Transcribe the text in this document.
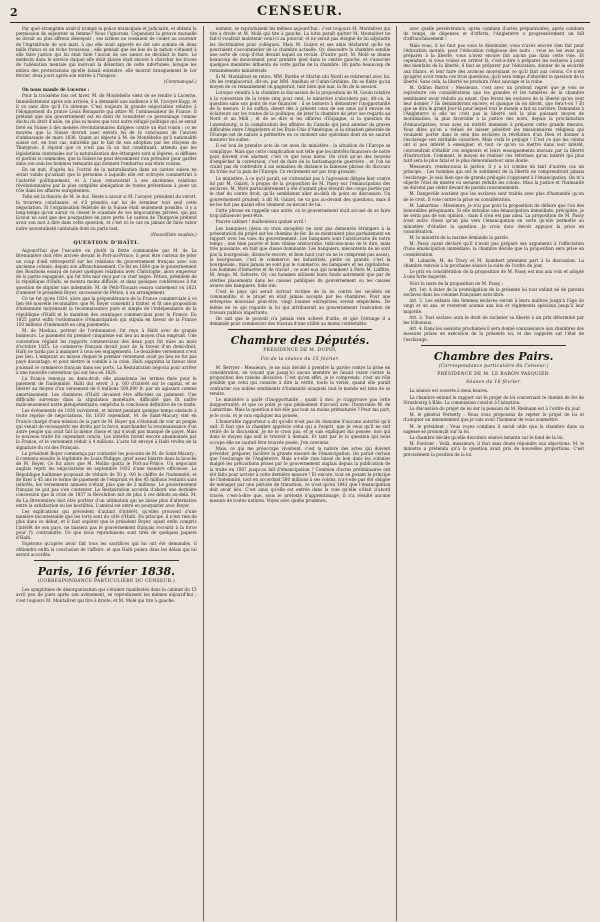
2	CENSEUR.

Par quel étrangème avait-il trompé la police municipale et judiciaire, et obtenu la permission de séjourner sa femme? Nous l'ignorons. Cependant la preuve mutuelle se livrait au plus affreux désespoir ; ses larmes ne cessaient de couler au souvenir de l'ingratitude de son mari, à qui elle avait apporté en dot une somme de deux mille francs et un riche trousseau ; elle pensait que les lois de la nation s'étaient à elle faire justice qui lui était faite l'aucun de ses sœurs ne décidait le faire. Le médecin dans le service duquel elle était placée était encore à chercher les traces de l'aliénation mentale qui motivait la détention de cette infortunée, lorsque les milieu des protestations qu'elle faisait entendre, elle mourut brusquement le 1er février, deux jours après son entrée à l'hospice.

(Communiqué.)

On nous mande de Lucerne :

Pour la troisième fois cet hiver, M. de Montébello vient de se rendre à Lucerne. Immédiatement après son arrivée, il a demandé une audience à M. l'avoyer Kopp, et il va sans dire qu'il l'a obtenue. C'est toujours la grande négociation relative à l'éloignement du prince Louis Bonaparte qui attire M. l'ambassadeur de France. Il prétend que son gouvernement est en droit de considérer ce personnage comme déchu du droit d'asile, ne plus ni moins que tout autre réfugié politique qui se serait livré en Suisse à des menées révolutionnaires dirigées contre un état voisin ; ce ne moyens que la Suisse devrait user envers lui de la conclusion de l'ancien d'ambassade de mars 1836. Quant au objecte à M. de Montébello qu'à nationalité suisse est, en tout cas, naturelle par le fait de son adoption par les citoyens de Thurgovie, il répond que ce n'est pas là un fait constituant, attendu que les législations cantonales sur la naturalisation des étrangers sont si légères, si diffuses et parfois si commodes, que la Suisse ne peut décemment s'en prévaloir pour garder dans son sein les hommes remuants qui donnent l'embarras aux états voisins.

En un mot, d'après lui, l'octroi de la naturalisation dans un canton suisse ne serait valide qu'autant que la personne à laquelle elle est octroyée commettrait à l'autorité politiquement, et à l'aise renoncerait à ses anciennes relations révolutionnaires par la plus complète abnégation de toutes prétentions à jouer un rôle dans les affaires européennes.

Telle est la théorie de M. le duc. Reste à savoir si M. l'avoyer, président du vorort, la trouvera concluante, et s'il prendra sur lui de terminer tout seul cette négociation. Si l'organisation fédérale de la Suisse était seulement possible, il y a long-temps qu'on aurait vu cesser le scandale de ces négociations privées, qui par là-tout ne sont que des pourparlers en pure perte. Le canton de Thurgovie prétend avoir son mot à dire dans cette question, et c'est ici le cas ou jamais de faire valoir notre souveraineté cantonale dont on parle tant.

(Nouvelliste vaudois.)

QUESTION D'HAÏTI.

Aujourd'hui que l'escadre on plutôt la flotte commandée par M. de La Bretonnière doit être arrivée devant le Port-au-Prince, il peut être curieux de jeter un coup d'œil rétrospectif sur les relations du gouvernement français avec son ancienne colonie, depuis son affranchissement. Ce fut en 1804 que le gouvernement des Bourbons essaya de nouer quelques relations avec Christophe, alors empereur de la partie espagnole, qui fut très mal reçu par ce chef nègre. Pétion, président de la république d'Haïti, se montra moins difficile, et dans quelques conférences il fut question de stipuler une indemnité. M. de Petit-Thouars essaya vainement en 1821 d'amener le président Boyer, successeur de Pétion, à un arrangement.

Ce ne fut qu'en 1824, alors que la prépondérance de la France commerciale à ce lien été nouvelle reconnaître, que M. Boyer consentit à traiter, et fit une proposition d'indemnité moyennant la reconnaissance pure et simple de l'indépendance de la république d'Haïti et le maintien des avantages commerciaux pour la France. En 1825 parut enfin l'ordonnance d'émancipation qui stipula en faveur de la France 150 millions d'indemnité en cinq paiements.

M. de Mackau, porteur de l'ordonnance, fut reçu à Haïti avec de grands honneurs. Le paiement du premier cinquième eut lieu au moyen d'un emprunt. Une convention réglant les rapports commerciaux des deux pays fut mise au mois d'octobre 1825. Le commerce français devait jouir de la faveur d'un demi-droit. Haïti ne tarda pas à manquer à tous ses engagements. Le deuxième versement n'eut pas lieu. L'emprunt au moyen duquel le premier versement avait pu lieu ne fut pas payé davantage, et pour mettre le comble à la crise, Haïti supprima la faveur dont jouissait le commerce français dans ses ports. La Restauration négocia pour arriver à une nouvelle convention qui eut lieu en 1829.

La France renonça au demi-droit; elle abandonna les termes fixés pour le paiement de l'indemnité. Haïti dut servir 3 p. 0/0 d'intérêt sur le capital, et se libérer au moyen d'un versement de 6 millions 500,000 fr. par an agissant comme amortissement. Les chambres d'Haïti devaient être affectées au paiement. Une difficulté survenue dans la stipulation monétaire, difficulté que fit naître malicieusement notre plénipotentiaire, empêcha la conclusion définitive de ce traité.

Les événements de 1830 survinrent, et miront pendant quelque temps obstacle à toute reprise de négociations. En 1830 cependant, M. de Saint-Macary vint en France chargé d'une mission de la part de M. Boyer qui s'étonnait de voir un peuple qui venait de reconquérir ses droits par la force, marchander la reconnaissance d'un autre peuple qui avait fait la même chose et qui n'avait pas manqué de payer. Mais le nouveau traité fut cependant conclu. Les intérêts furent encore abandonnés par la France, et le versement réduit à 4 millions. L'acte fut envoyé à Haïti revêtu de la signature du roi des Français.

Le président Boyer commença par contester les pouvoirs de M. de Saint-Macary ; il contesta ensuite la légitimité de Louis-Philippe, grief assez bizarre dans la bouche de M. Boyer. Ce fut alors que M. Mollin quitta le Port-au-Prince. Un négociant anglais reprit les négociations en septembre 1832 d'une manière officieuse. La République haïtienne proposait de réduire de 50 p. 0/0 le chiffre de l'indemnité, et de fixer à 45 ans le terme de paiement de l'emprunt et des 45 millions restants sans intérêts, les versements annuels n'étant plus que de 2 millions. Le gouvernement français ne put pas s'en contenter. La Restauration accorda d'abord une dernière concession que la crise de 1837 la Révolution mit de plus à ces débats au-delà. M. de La Bretonnière doit être porteur d'un ultimatum qui ne laisse plus d'alternative entre la satisfaction ou les hostilités. L'amiral est entré en pourparler avec Boyer.

Les explications qui précèdent d'autant d'intérêt, qu'elles prouvent d'une manière incontestable que les torts sont du côté d'Haïti. En principe, il n'est rien de plus dans ce débat, et il faut espérer que le président Boyer, ayant enfin compris l'intérêt de son pays, ne laissera pas le gouvernement français recourir à la force pour l'y contraindre. Ce que nous reproduisons sont tirés de quelques papiers d'Haïti.

Espérons qu'après avoir fait tous les sacrifices qui lui ont été demandés, il obtiendra enfin la conclusion de l'affaire, et que Haïti paiera dans les délais qui lui seront accordés.

Paris, 16 février 1838.
(CORRESPONDANCE PARTICULIÈRE DU CENSEUR.)

Les symptômes de désorganisation qui s'étaient manifestés dans le cabinet du 15 avril peu de jours après son avènement, se reproduisent les mêmes aujourd'hui ; c'est toujours M. Montalivet qui tire à droite, et M. Molé qui tire à gauche.

nement, se reproduisent les mêmes aujourd'hui : c'est toujours M. Montalivet qui tire à droite et M. Molé qui tire à gauche. La lutte paraît quitter M. Montalivet ne fait-il voudrait maintenir celui-ci au pouvoir, et ne serait pas éloigné de lui adjoindre les doctrinaires pour collègues. Mais M. Guizot et ses amis déclarent qu'ils ne pourraient s'accommoder de la chambre actuelle. Or, dissoudre la chambre semble une sorte de coup d'état devant lequel on recule. D'autre part, M. Molé se donne beaucoup de mouvement pour prendre pied dans le centre gauche, et s'associer quelques membres influents de cette partie de la chambre. On parle beaucoup de remaniements ministériels.

Si M. Montalivet se retire, MM. Barthe et Martin (du Nord) se retireront avec lui. On les remplacerait, dit-on, par MM. Amilhau et Cunin-Gridaine. On se flatte qu'au moyen de ce remaniement on gagnerait, tant bien que mal, la fin de la session.

Lorsque viendra à la chambre la discussion de la proposition de M. Gouin relative à la conversion de la rente cinq pour cent, le ministère n'abordera pas, dit-on, la question sans son point de vue financier : il se bornera à démontrer l'inopportunité de la mesure. Il lui suffira, disent dès à présent ceux de ses amis qu'il envoie en éclaireurs sur les routes de la politique, de jeter la chambre de jeter ses regards au Nord et au Midi ; et de se dire si les affaires d'Espagne, si la question du Luxembourg, si la complication des affaires du Canada qui peut amener de graves difficultés entre l'Angleterre et les États-Unis d'Amérique, si la situation générale de l'Europe est de nature à permettre en ce moment une opération dont on ne saurait mesurer les suites.

Il est bon de prendre acte de cet aveu du ministère : la situation de l'Europe se complique. Mais que cette complication soit telle que les intérêts financiers de notre pays doivent s'en alarmer, c'est ce que nous nions. On croit qu'un des moyens d'empêcher la conversion, c'est de faire de la fantasmagorie guerrière ; et l'on ne craint pas de contredire à six semaines de distance la fameuse phrase du discours du trône sur la paix de l'Europe. Ce revirement est par trop grossier.

Le ministère, à ce qu'il paraît, ne s'attendait pas à l'agression dirigée hier contre lui par M. Guizot, à propos de la proposition de M. Passy sur l'émancipation des esclaves. M. Molé particulièrement a été d'autant plus étourdi des coups portés par le chef du centre droit, qu'ils semblaient aller au-delà du point en discussion. Un gouvernement prudent, a dit M. Guizot, ne va pas au-devant des questions, mais il ne les fuit pas quand elles viennent au-devant de lui.

Cette phrase en rappelle une autre, où le gouvernement était accusé de se faire trop influencer peut-être.

Pauvre cabinet ! malheureux quinze avril !

Les banquiers (deux ou trois exceptés) ne sont pas demeurés étrangers à la présentation du projet sur les chemins de fer. Ils se montraient plus parfaitement en rapport avec les vues du gouvernement. Les banquiers sont l'aristocratie de notre temps ; une bien pauvre et bien vilaine aristocratie, tubicons-nous de le dire, mais très puissante, en tant que classe dominante. Les banquiers, mécontents de ne sont pas la bourgeoisie, disons-le encore, et bien haut (car on ne le comprend pas assez), la bourgeoisie, c'est le commerce, les industriels, petits ou grands, c'est la bourgeoisie ; mais jamais ne sont pas le commerce, les banquiers et les capitalistes. Les hommes d'industrie et de travail ; ce sont eux qui nomment à Paris M. Laffitte, M. Arago, M. Salverte. Or, ces hommes utilisent leurs fonds autrement que par de stériles placements dans les caisses publiques du gouvernement ou les caisses avares des banquiers. Inde iræ.

C'est le pays qui serait surtout victime de la loi contre les sociétés en commandite, si le projet en était jamais accepté par les chambres. Pour une entreprise mauvaise peut-être, vingt bonnes entreprises seront empêchées. De même en ce qui regarde la loi qui attribuerait au gouvernement l'exécution de travaux publics importants.

On sait que le pouvoir n'a jamais rien achevé d'utile, et que l'étrange il a demandé pour commencer des travaux d'une utilité au moins contestable.

Chambre des Députés.
PRÉSIDENCE DE M. DUPIN.
Fin de la séance du 15 février.

M. Berryer : Messieurs, je ne suis décidé à prendre la parole contre la prise en considération, en voyant que jusqu'ici aucun membre ne faisait valoir contre la proposition des raisons décisives. C'est qu'en effet, je le comprends, c'est un rôle pénible que celui qui consiste à dire la vérité, toute la vérité, quand elle paraît contrarier ces nobles sentiments d'humanité auxquels tout le monde est tenu de se rendre.

Le ministère a parlé d'inopportunité ; quant à moi, je n'approuve pas cette inopportunité, et que ce point je suis pleinement d'accord avec l'honorable M. de Lamartine. Mais la question n'est-elle pas tout au moins prématurée ? Pour ma part, je le crois, et je vais expliquer ma pensée.

L'honorable rapporteur a dit qu'elle n'est pas du domaine d'aucune autorité qu'il sait. Il faut que la chambre apprécie celui qui a l'esprit, que je veux qu'il ne soit retiré de la discussion. Je ne le crois pas, et je vais expliquer ma pensée, moi qui dans le moyen âge soit le trouver à demain. Et tant par le la question qui nous occupe elle ne saurait être trouvée posée. J'en conviens.

Mais, ce qui me préoccupe vivement, c'est la nature des actes qui doivent précéder, préparer, faciliter la grande mesure de l'émancipation. On parait certain que l'esclavage de l'Angleterre. Mais a-t-elle rien laissé de bon dans les colonies malgré les précautions prises par le gouvernement anglais depuis la publication de la traite en 1807 jusqu'au bill d'émancipation ? Combien d'actes préliminaires ont été faits pour arriver à cette dernière mesure ! Et encore, tout en posant le principe de l'indemnité, tout en accordant 500 millions à ses colons, n'a-t-elle pas été obligée de ménager par une période de transition, ce n'est qu'en 1841 que l'émancipation doit avoir lieu. C'est ainsi qu'elle est entrée dans la voie qu'elle s'était d'abord tracée, c'est-à-dire que, sous le prétexte d'apprentissage, il n'a résulté aucune mesure de toutes natures. Voyez avec quelle prudence,

avec quelle persévérance, après combien d'actes préparatoires, après combien de temps, de dépenses et d'efforts, l'Angleterre a progressivement un bill d'affranchissement !

Mais vous, il ne faut pas vous le dissimuler, vous n'avez encore rien fait pour l'éducation morale, pour l'éducation religieuse des noirs ; vous ne les avez pas préparés à la liberté, vous n'avez encore fait aucun pas dans cette voie. Et cependant, si vous voulez en arriver là, c'est-à-dire à préparer les esclaves à jouir des bienfaits de la liberté, il faut se préparer par l'éducation, donner de la sécurité aux blancs, et leur faire des avances moyennant ce qu'il faut aux colons. Ce n'est qu'après avoir rendu ces trois questions, qu'il sera temps d'aborder la question de la liberté. Sans cela, la liberté ne produira l'état sauvage et la ruine.

M. Odilon Barrot : Messieurs, c'est avec un profond regret que je vois se reproduire ces considérations que les grandes et les lumières de la chambre semblaient avoir réduits au néant. Que feront les esclaves de la liberté qu'on veut leur donner ? Ils demanderont encore, et quoique ils en diront, que fera-t-on ? Et que se dira le grand Jour-là pour lequel tout le monde a fait sa carrière. Demandez à l'Angleterre si elle ne croit pas la liberté soit la plus puissant moyen de moralisation, la plus favorable à la justice des noirs, depuis la proclamation d'émancipation, vous avez un intérêt immense à préparer cette grande mesure. Vous dites qu'on a refusé de laisser pénétrer les missionnaires religieux qui voulaient porter dans le sein des esclaves la révélation d'un Dieu et donner à l'esclavage son véritable caractère. Mais voilà le préjugé ! C'est ce que les colons ont si peu intérêt à enseigner, et tout ce qu'on va mettre dans leur intérêt, conviendrait d'établir ces seigneurs et leurs enseignements moraux par la liberté d'instruction. Comment, le moyen de réaliser ces réformes qu'un intérêt qui plus tard sera le plus fatal et le plus démoralisateur sans doute.

Messieurs, rendez-nous la justice, il y a ici comme en tant d'autres cas un principe... Les hommes qui ont le sentiment de la liberté ne comprendront jamais l'esclavage. Je sais bien que de grands préjugés s'opposent à l'émancipation. On m'a objecté l'état de misère où seraient réduits les colons. Mais la justice et l'humanité ne doivent pas céder devant de pareils raisonnements.

M. Dangeville soutient que les esclaves sont traités avec plus d'humanité qu'on ne le croit. Il vote contre la prise en considération.

M. Lamartine : Messieurs, je n'ai pas pour la proposition de défaire que l'on des honorables préopinants. Si elle entraîne une émancipation immédiate, précipitée, je ne serai pas de son opinion ; mais il n'en est pas ainsi. La proposition de M. Passy n'est autre chose qu'un pas vers l'émancipation en sorte qu'elle permette au ministère d'étudier la question. Je crois donc devoir appuyer la prise en considération.

M. le ministre de la marine demande la parole.

M. Passy ayant déclaré qu'il n'avait pas préparé ses arguments à l'affectation d'une émancipation immédiate, la chambre décide que la proposition sera prise en considération.

M. Laborde, M. de Tracy et M. Isambert prennent part à la discussion. La chambre renvoie à la prochaine séance la suite de l'ordre du jour.

Le prix en considération de la proposition de M. Passy est mis aux voix et adopté à une forte majorité.

Voici le texte de la proposition de M. Passy :

Art. 1er. A dater de la promulgation de la présente loi tout enfant né de parents esclaves dans les colonies françaises sera libre.

Art. 2. Les enfants des femmes esclaves seront à leurs maîtres jusqu'à l'âge de vingt et un ans, et resteront soumis aux lois et règlements spéciaux jusqu'à leur majorité.

Art. 3. Tout esclave aura le droit de racheter sa liberté à un prix déterminé par les tribunaux.

Art. 4. Dans les sessions prochaines il sera donné connaissance aux chambres des mesures prises en exécution de la présente loi, et des rapports sur l'état de l'esclavage.

Chambre des Pairs.
(Correspondance particulière du Censeur.)
PRÉSIDENCE DE M. LE BARON PASQUIER.
Séance du 16 février.

La séance est ouverte à deux heures.

La chambre entend le rapport sur le projet de loi concernant le chemin de fer de Strasbourg à Bâle. La commission conclut à l'adoption.

La discussion du projet de loi sur la pension de M. Reimann est à l'ordre du jour.

M. le général Pernetty : Nous vous proposons de rejeter le projet de loi et d'adopter un amendement que je vais avoir l'honneur de vous soumettre.

M. le président : Vous voyez combien il serait utile que la chambre dans sa sagesse se prononçât sur la loi.

La chambre décide qu'elle discutera séance tenante sur le fond de la loi.

M. Fontrier : Voilà, messieurs, il faut sans doute répondre aux objections. M. le ministre a prétendu qu'à la question avait pris de nouvelles proportions. C'est précisément la position de la loi.
